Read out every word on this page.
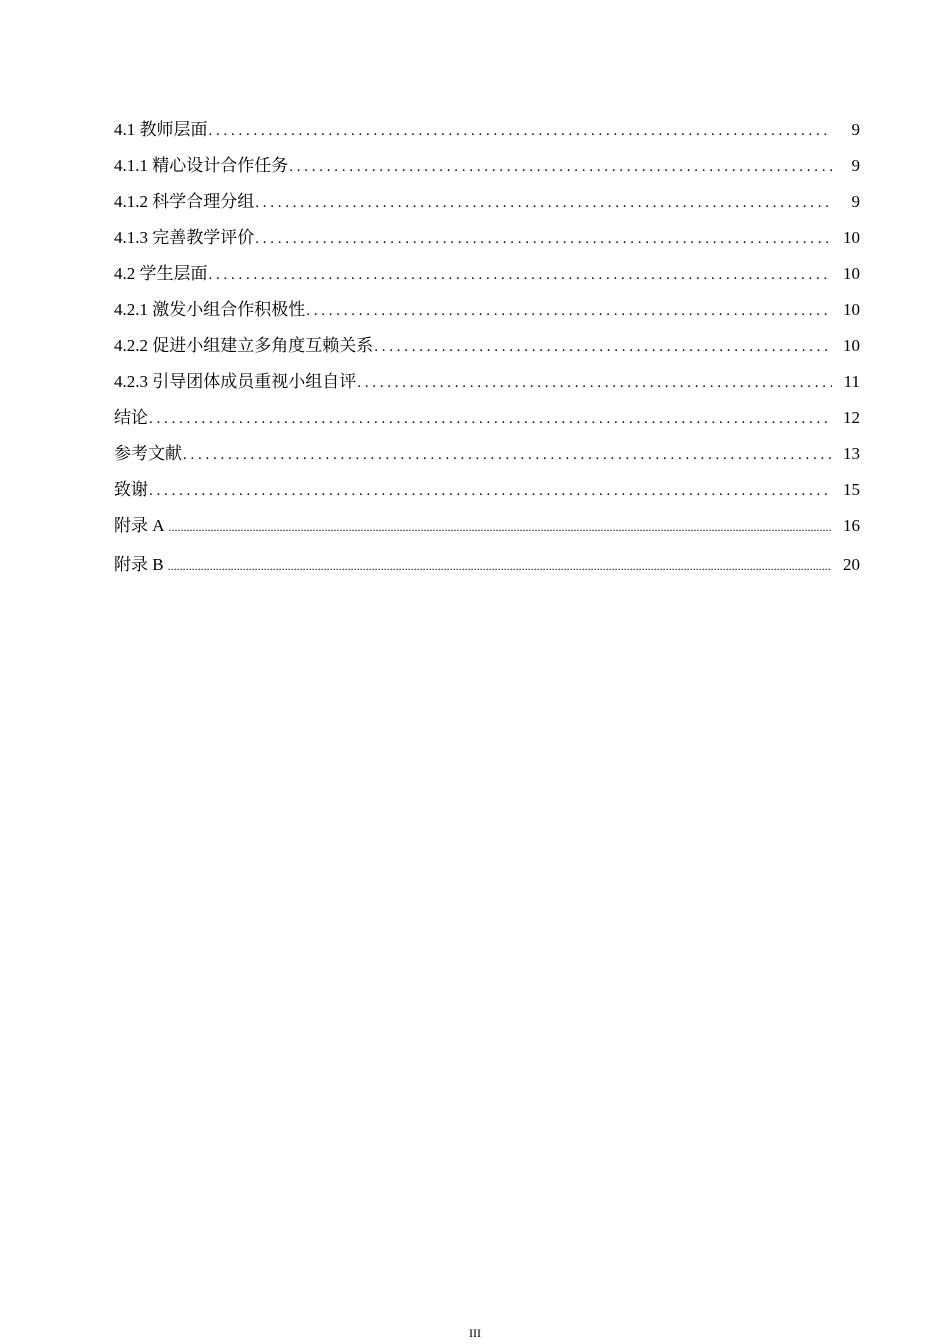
4.1 教师层面 . . .	9
4.1.1 精心设计合作任务 . . .	9
4.1.2 科学合理分组 . . .	9
4.1.3 完善教学评价 . . .	10
4.2 学生层面 . . .	10
4.2.1 激发小组合作积极性 . . .	10
4.2.2 促进小组建立多角度互赖关系 . . .	10
4.2.3 引导团体成员重视小组自评 . . .	11
结论 . . .	12
参考文献 . . .	13
致谢 . . .	15
附录 A .....	16
附录 B .....	20
III
